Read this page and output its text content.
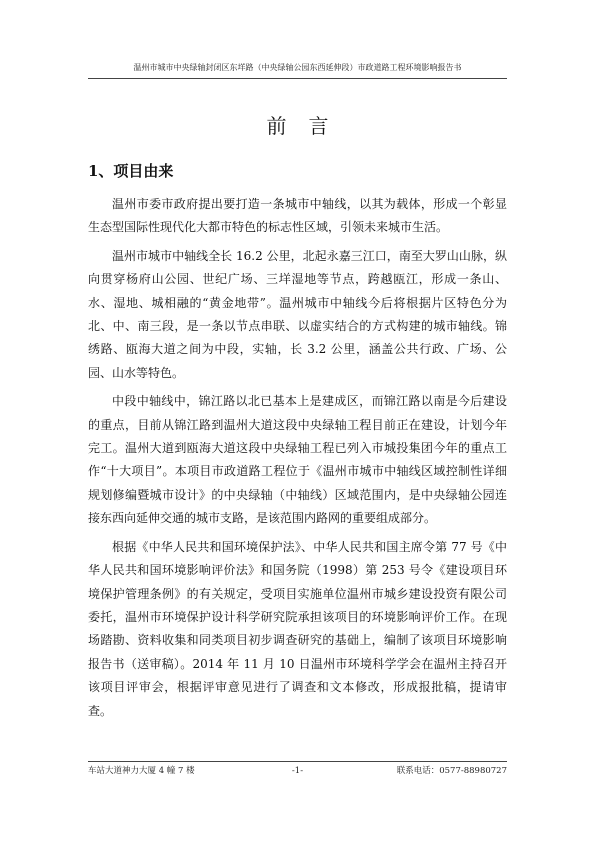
温州市城市中央绿轴封闭区东垟路（中央绿轴公园东西延伸段）市政道路工程环境影响报告书
前言
1、项目由来

温州市委市政府提出要打造一条城市中轴线，以其为载体，形成一个彰显生态型国际性现代化大都市特色的标志性区域，引领未来城市生活。

温州市城市中轴线全长 16.2 公里，北起永嘉三江口，南至大罗山山脉，纵向贯穿杨府山公园、世纪广场、三垟湿地等节点，跨越瓯江，形成一条山、水、湿地、城相融的“黄金地带”。温州城市中轴线今后将根据片区特色分为北、中、南三段，是一条以节点串联、以虚实结合的方式构建的城市轴线。锦绣路、瓯海大道之间为中段，实轴，长 3.2 公里，涵盖公共行政、广场、公园、山水等特色。

中段中轴线中，锦江路以北已基本上是建成区，而锦江路以南是今后建设的重点，目前从锦江路到温州大道这段中央绿轴工程目前正在建设，计划今年完工。温州大道到瓯海大道这段中央绿轴工程已列入市城投集团今年的重点工作“十大项目”。本项目市政道路工程位于《温州市城市中轴线区域控制性详细规划修编暨城市设计》的中央绿轴（中轴线）区域范围内，是中央绿轴公园连接东西向延伸交通的城市支路，是该范围内路网的重要组成部分。

根据《中华人民共和国环境保护法》、中华人民共和国主席令第 77 号《中华人民共和国环境影响评价法》和国务院（1998）第 253 号令《建设项目环境保护管理条例》的有关规定，受项目实施单位温州市城乡建设投资有限公司委托，温州市环境保护设计科学研究院承担该项目的环境影响评价工作。在现场踏勘、资料收集和同类项目初步调查研究的基础上，编制了该项目环境影响报告书（送审稿）。2014 年 11 月 10 日温州市环境科学学会在温州主持召开该项目评审会，根据评审意见进行了调查和文本修改，形成报批稿，提请审查。

车站大道神力大厦 4 幢 7 楼	-1-	联系电话：0577-88980727
